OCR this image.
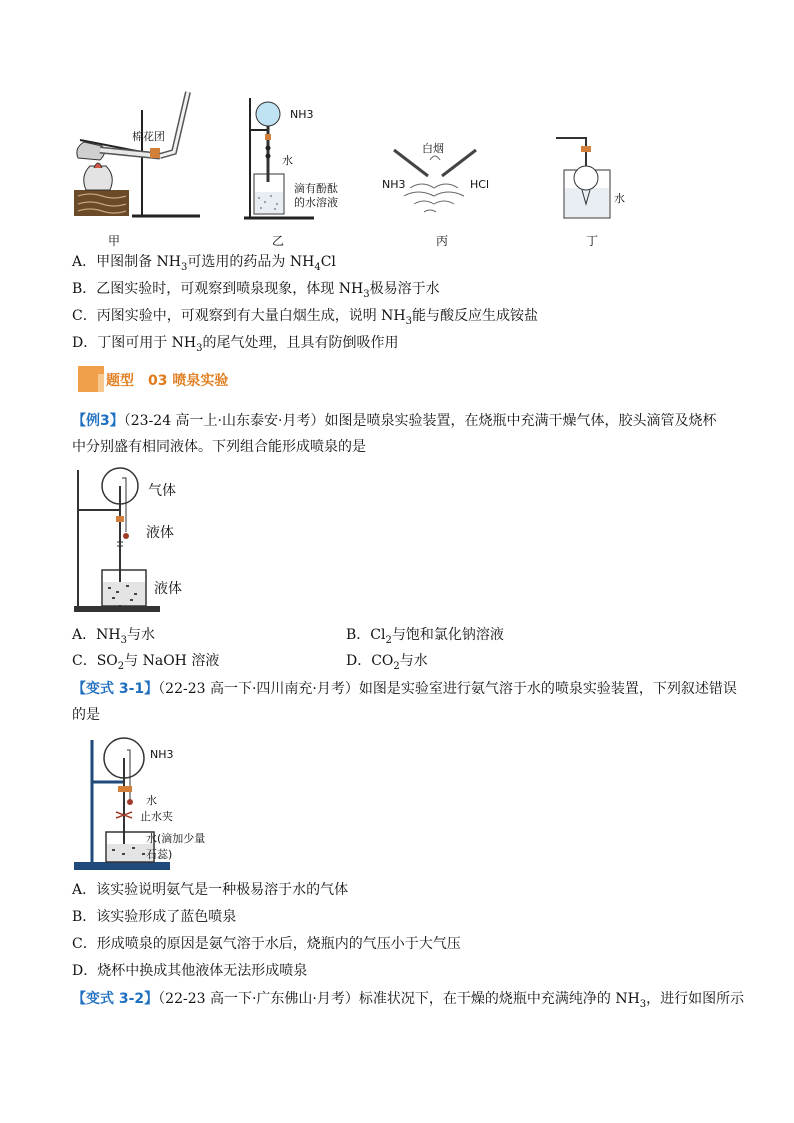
棉花团
甲
NH3
水
滴有酚酞
的水溶液
乙
白烟
NH3	HCl
丙
水
丁
A．甲图制备 $NH_3$可选用的药品为 $NH_4Cl$
B．乙图实验时，可观察到喷泉现象，体现 $NH_3$极易溶于水
C．丙图实验中，可观察到有大量白烟生成，说明 $NH_3$能与酸反应生成铵盐
D．丁图可用于 $NH_3$的尾气处理，且具有防倒吸作用
题型 03 喷泉实验
【例3】（23-24 高一上·山东泰安·月考）如图是喷泉实验装置，在烧瓶中充满干燥气体，胶头滴管及烧杯
中分别盛有相同液体。下列组合能形成喷泉的是
气体
液体
液体
A．$NH_3$与水	B．$Cl_2$与饱和氯化钠溶液
C．$SO_2$与 NaOH 溶液	D．$CO_2$与水
【变式 3-1】（22-23 高一下·四川南充·月考）如图是实验室进行氨气溶于水的喷泉实验装置，下列叙述错误
的是
NH3
水
止水夹
水(滴加少量
石蕊)
A．该实验说明氨气是一种极易溶于水的气体
B．该实验形成了蓝色喷泉
C．形成喷泉的原因是氨气溶于水后，烧瓶内的气压小于大气压
D．烧杯中换成其他液体无法形成喷泉
【变式 3-2】（22-23 高一下·广东佛山·月考）标准状况下，在干燥的烧瓶中充满纯净的 $NH_3$，进行如图所示
